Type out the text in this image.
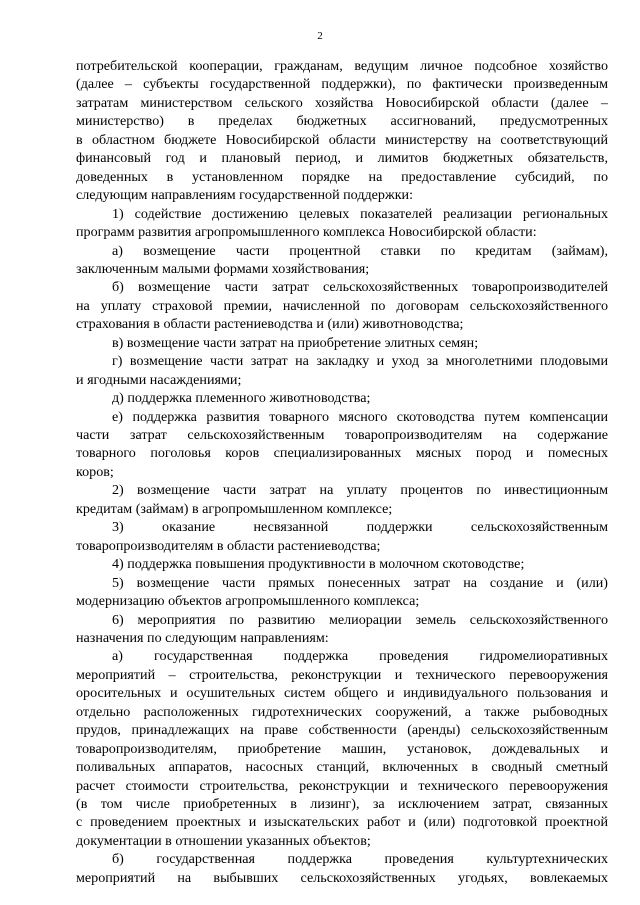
2
потребительской кооперации, гражданам, ведущим личное подсобное хозяйство
(далее – субъекты государственной поддержки), по фактически произведенным
затратам министерством сельского хозяйства Новосибирской области (далее –
министерство) в пределах бюджетных ассигнований, предусмотренных
в областном бюджете Новосибирской области министерству на соответствующий
финансовый год и плановый период, и лимитов бюджетных обязательств,
доведенных в установленном порядке на предоставление субсидий, по
следующим направлениям государственной поддержки:
1) содействие достижению целевых показателей реализации региональных
программ развития агропромышленного комплекса Новосибирской области:
а) возмещение части процентной ставки по кредитам (займам),
заключенным малыми формами хозяйствования;
б) возмещение части затрат сельскохозяйственных товаропроизводителей
на уплату страховой премии, начисленной по договорам сельскохозяйственного
страхования в области растениеводства и (или) животноводства;
в) возмещение части затрат на приобретение элитных семян;
г) возмещение части затрат на закладку и уход за многолетними плодовыми
и ягодными насаждениями;
д) поддержка племенного животноводства;
е) поддержка развития товарного мясного скотоводства путем компенсации
части затрат сельскохозяйственным товаропроизводителям на содержание
товарного поголовья коров специализированных мясных пород и помесных
коров;
2) возмещение части затрат на уплату процентов по инвестиционным
кредитам (займам) в агропромышленном комплексе;
3) оказание несвязанной поддержки сельскохозяйственным
товаропроизводителям в области растениеводства;
4) поддержка повышения продуктивности в молочном скотоводстве;
5) возмещение части прямых понесенных затрат на создание и (или)
модернизацию объектов агропромышленного комплекса;
6) мероприятия по развитию мелиорации земель сельскохозяйственного
назначения по следующим направлениям:
а) государственная поддержка проведения гидромелиоративных
мероприятий – строительства, реконструкции и технического перевооружения
оросительных и осушительных систем общего и индивидуального пользования и
отдельно расположенных гидротехнических сооружений, а также рыбоводных
прудов, принадлежащих на праве собственности (аренды) сельскохозяйственным
товаропроизводителям, приобретение машин, установок, дождевальных и
поливальных аппаратов, насосных станций, включенных в сводный сметный
расчет стоимости строительства, реконструкции и технического перевооружения
(в том числе приобретенных в лизинг), за исключением затрат, связанных
с проведением проектных и изыскательских работ и (или) подготовкой проектной
документации в отношении указанных объектов;
б) государственная поддержка проведения культуртехнических
мероприятий на выбывших сельскохозяйственных угодьях, вовлекаемых
